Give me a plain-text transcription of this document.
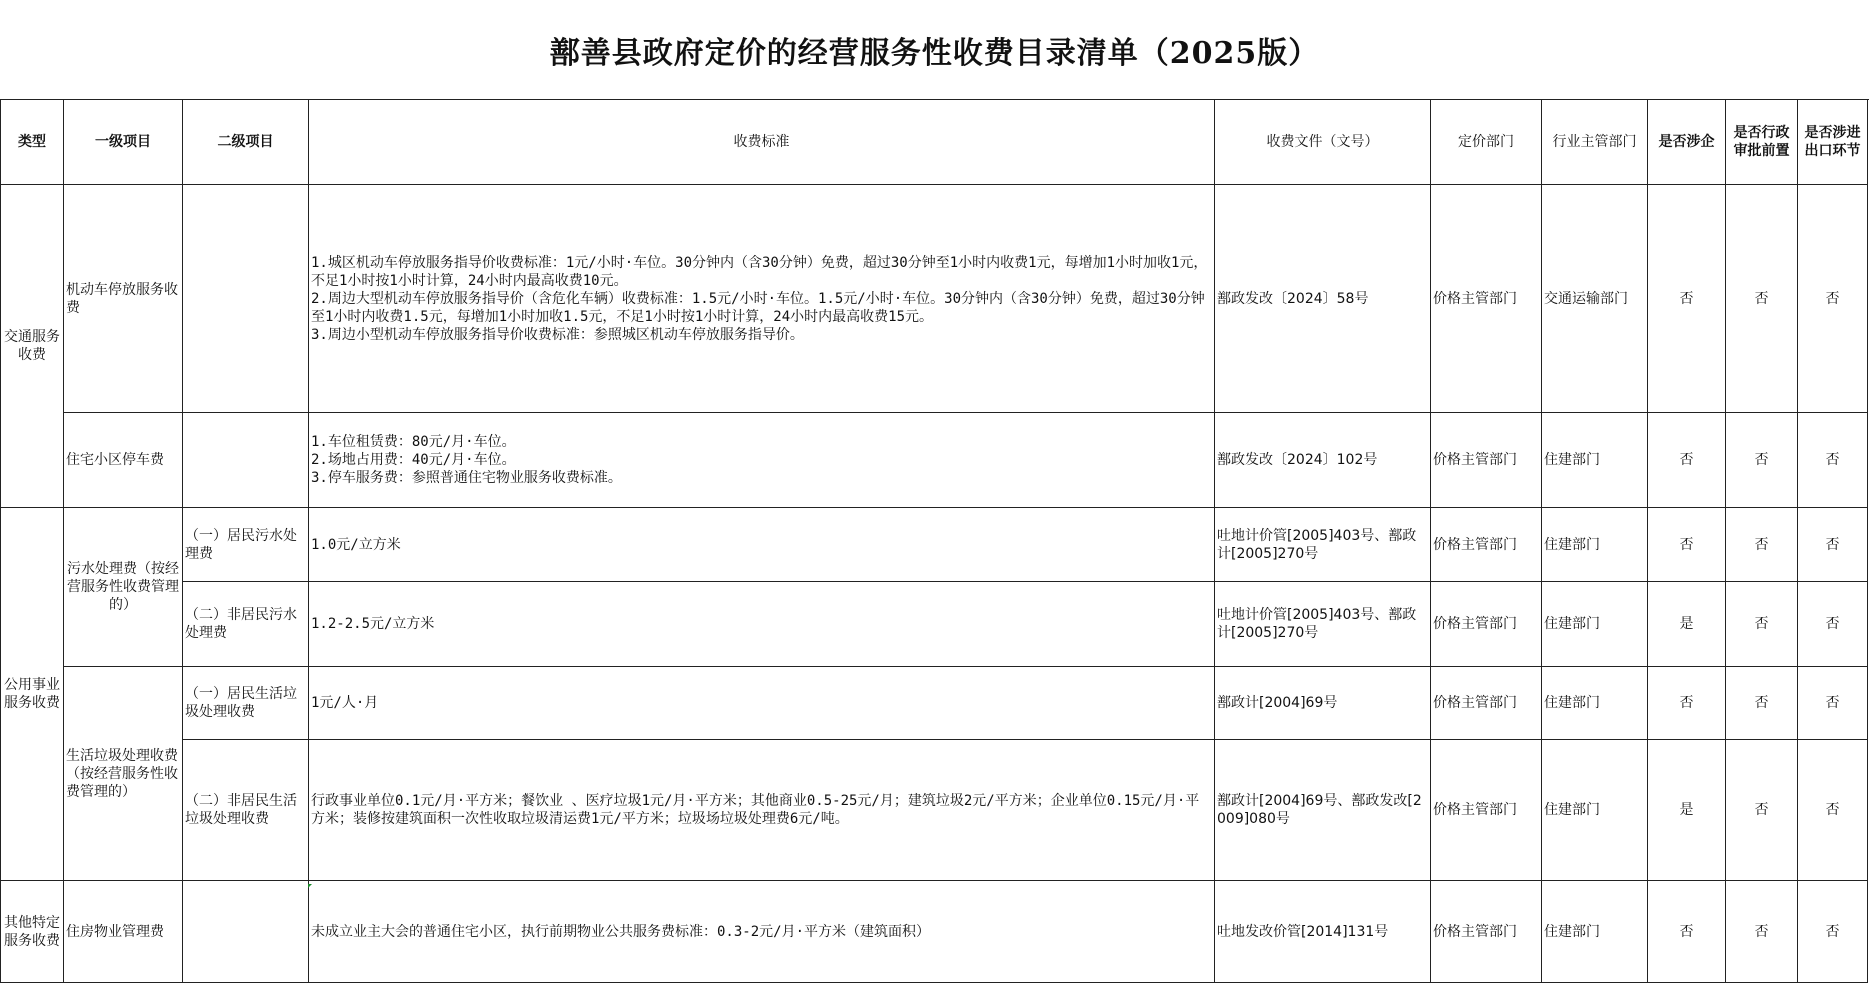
鄯善县政府定价的经营服务性收费目录清单（2025版）
类型	一级项目	二级项目	收费标准	收费文件（文号）	定价部门	行业主管部门	是否涉企	是否行政审批前置	是否涉进出口环节
交通服务收费	机动车停放服务收费		1.城区机动车停放服务指导价收费标准：1元/小时·车位。30分钟内（含30分钟）免费，超过30分钟至1小时内收费1元，每增加1小时加收1元，不足1小时按1小时计算，24小时内最高收费10元。
2.周边大型机动车停放服务指导价（含危化车辆）收费标准：1.5元/小时·车位。1.5元/小时·车位。30分钟内（含30分钟）免费，超过30分钟至1小时内收费1.5元，每增加1小时加收1.5元，不足1小时按1小时计算，24小时内最高收费15元。
3.周边小型机动车停放服务指导价收费标准：参照城区机动车停放服务指导价。	鄯政发改〔2024〕58号	价格主管部门	交通运输部门	否	否	否
	住宅小区停车费		1.车位租赁费：80元/月·车位。
2.场地占用费：40元/月·车位。
3.停车服务费：参照普通住宅物业服务收费标准。	鄯政发改〔2024〕102号	价格主管部门	住建部门	否	否	否
公用事业服务收费	污水处理费（按经营服务性收费管理的）	（一）居民污水处理费	1.0元/立方米	吐地计价管[2005]403号、鄯政计[2005]270号	价格主管部门	住建部门	否	否	否
		（二）非居民污水处理费	1.2-2.5元/立方米	吐地计价管[2005]403号、鄯政计[2005]270号	价格主管部门	住建部门	是	否	否
	生活垃圾处理收费（按经营服务性收费管理的）	（一）居民生活垃圾处理收费	1元/人·月	鄯政计[2004]69号	价格主管部门	住建部门	否	否	否
		（二）非居民生活垃圾处理收费	行政事业单位0.1元/月·平方米；餐饮业 、医疗垃圾1元/月·平方米；其他商业0.5-25元/月；建筑垃圾2元/平方米；企业单位0.15元/月·平方米；装修按建筑面积一次性收取垃圾清运费1元/平方米；垃圾场垃圾处理费6元/吨。	鄯政计[2004]69号、鄯政发改[2009]080号	价格主管部门	住建部门	是	否	否
其他特定服务收费	住房物业管理费		未成立业主大会的普通住宅小区，执行前期物业公共服务费标准：0.3-2元/月·平方米（建筑面积）	吐地发改价管[2014]131号	价格主管部门	住建部门	否	否	否
